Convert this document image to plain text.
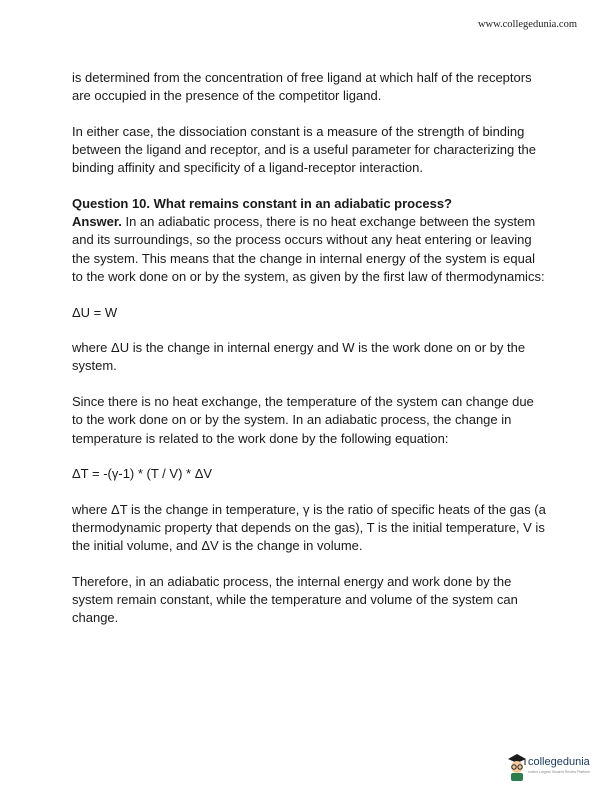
www.collegedunia.com

is determined from the concentration of free ligand at which half of the receptors are occupied in the presence of the competitor ligand.

In either case, the dissociation constant is a measure of the strength of binding between the ligand and receptor, and is a useful parameter for characterizing the binding affinity and specificity of a ligand-receptor interaction.

Question 10. What remains constant in an adiabatic process?
Answer. In an adiabatic process, there is no heat exchange between the system and its surroundings, so the process occurs without any heat entering or leaving the system. This means that the change in internal energy of the system is equal to the work done on or by the system, as given by the first law of thermodynamics:

ΔU = W

where ΔU is the change in internal energy and W is the work done on or by the system.

Since there is no heat exchange, the temperature of the system can change due to the work done on or by the system. In an adiabatic process, the change in temperature is related to the work done by the following equation:

ΔT = -(γ-1) * (T / V) * ΔV

where ΔT is the change in temperature, γ is the ratio of specific heats of the gas (a thermodynamic property that depends on the gas), T is the initial temperature, V is the initial volume, and ΔV is the change in volume.

Therefore, in an adiabatic process, the internal energy and work done by the system remain constant, while the temperature and volume of the system can change.

collegedunia
India's Largest Student Review Platform
